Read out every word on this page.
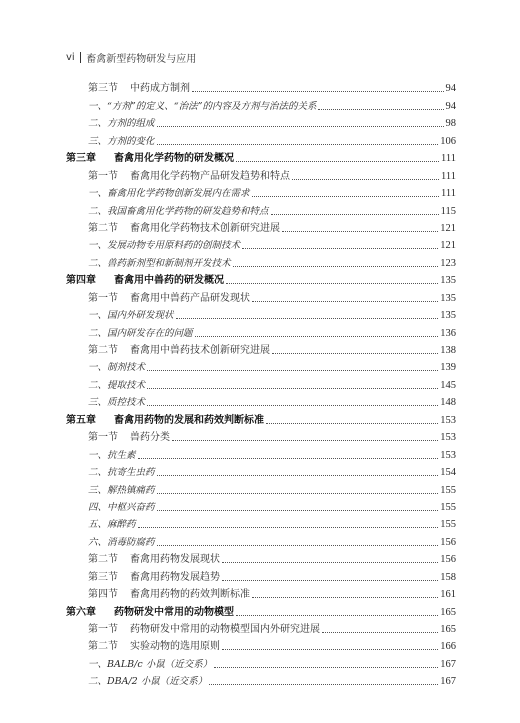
vi 畜禽新型药物研发与应用
第三节	中药成方制剂	94
一、 “方剂”的定义、“治法”的内容及方剂与治法的关系	94
二、 方剂的组成	98
三、 方剂的变化	106
第三章	畜禽用化学药物的研发概况	111
第一节	畜禽用化学药物产品研发趋势和特点	111
一、 畜禽用化学药物创新发展内在需求	111
二、 我国畜禽用化学药物的研发趋势和特点	115
第二节	畜禽用化学药物技术创新研究进展	121
一、 发展动物专用原料药的创制技术	121
二、 兽药新剂型和新制剂开发技术	123
第四章	畜禽用中兽药的研发概况	135
第一节	畜禽用中兽药产品研发现状	135
一、 国内外研发现状	135
二、 国内研发存在的问题	136
第二节	畜禽用中兽药技术创新研究进展	138
一、 制剂技术	139
二、 提取技术	145
三、 质控技术	148
第五章	畜禽用药物的发展和药效判断标准	153
第一节	兽药分类	153
一、 抗生素	153
二、 抗寄生虫药	154
三、 解热镇痛药	155
四、 中枢兴奋药	155
五、 麻醉药	155
六、 消毒防腐药	156
第二节	畜禽用药物发展现状	156
第三节	畜禽用药物发展趋势	158
第四节	畜禽用药物的药效判断标准	161
第六章	药物研发中常用的动物模型	165
第一节	药物研发中常用的动物模型国内外研究进展	165
第二节	实验动物的选用原则	166
一、 BALB/c 小鼠（近交系）	167
二、 DBA/2 小鼠（近交系）	167
